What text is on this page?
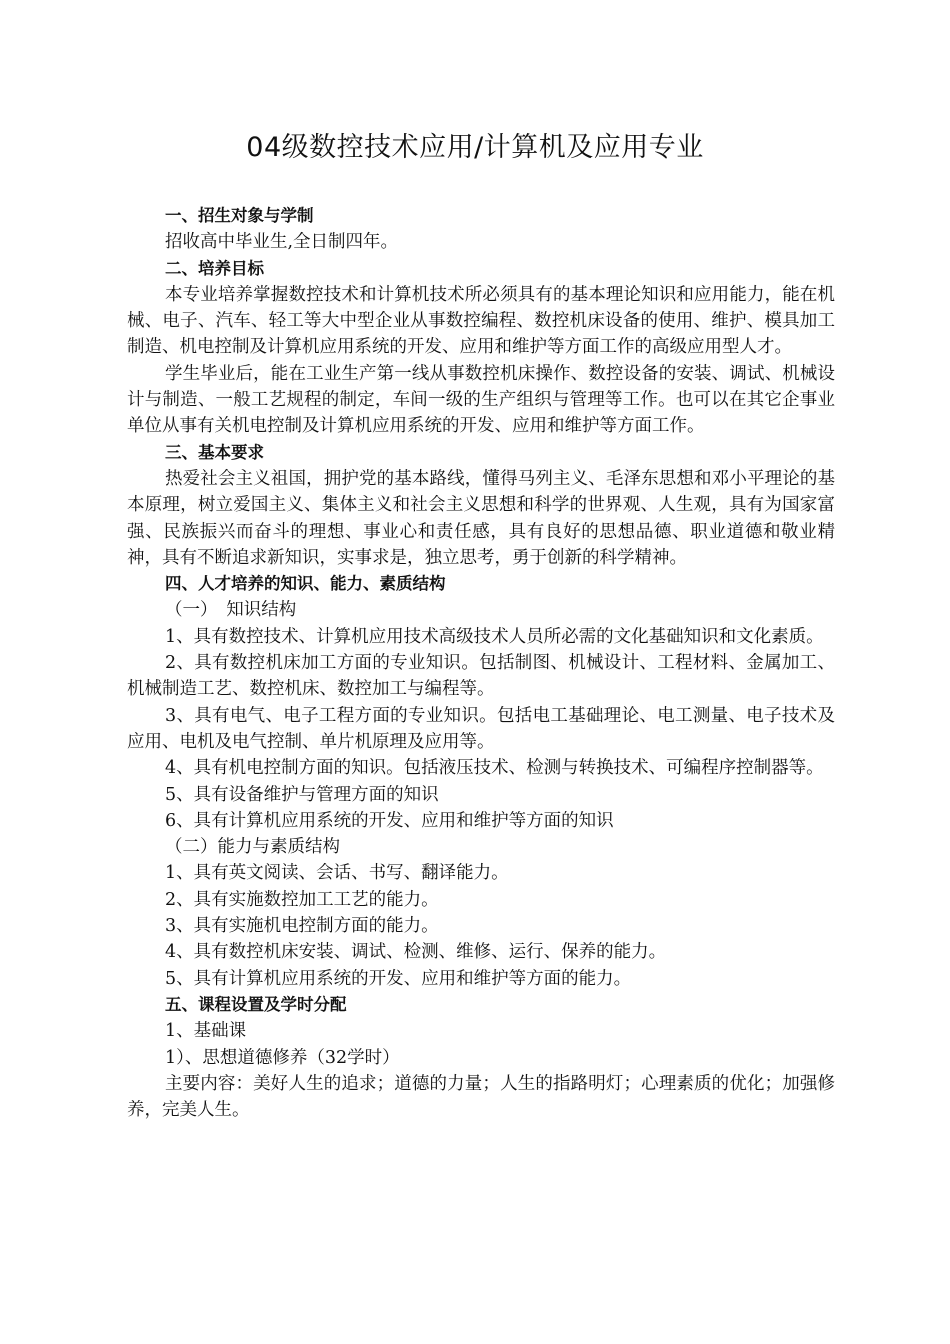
04级数控技术应用/计算机及应用专业

一、招生对象与学制

招收高中毕业生,全日制四年。

二、培养目标

本专业培养掌握数控技术和计算机技术所必须具有的基本理论知识和应用能力，能在机械、电子、汽车、轻工等大中型企业从事数控编程、数控机床设备的使用、维护、模具加工制造、机电控制及计算机应用系统的开发、应用和维护等方面工作的高级应用型人才。

学生毕业后，能在工业生产第一线从事数控机床操作、数控设备的安装、调试、机械设计与制造、一般工艺规程的制定，车间一级的生产组织与管理等工作。也可以在其它企事业单位从事有关机电控制及计算机应用系统的开发、应用和维护等方面工作。

三、基本要求

热爱社会主义祖国，拥护党的基本路线，懂得马列主义、毛泽东思想和邓小平理论的基本原理，树立爱国主义、集体主义和社会主义思想和科学的世界观、人生观，具有为国家富强、民族振兴而奋斗的理想、事业心和责任感，具有良好的思想品德、职业道德和敬业精神，具有不断追求新知识，实事求是，独立思考，勇于创新的科学精神。

四、人才培养的知识、能力、素质结构

（一）　知识结构

1、具有数控技术、计算机应用技术高级技术人员所必需的文化基础知识和文化素质。

2、具有数控机床加工方面的专业知识。包括制图、机械设计、工程材料、金属加工、机械制造工艺、数控机床、数控加工与编程等。

3、具有电气、电子工程方面的专业知识。包括电工基础理论、电工测量、电子技术及应用、电机及电气控制、单片机原理及应用等。

4、具有机电控制方面的知识。包括液压技术、检测与转换技术、可编程序控制器等。

5、具有设备维护与管理方面的知识

6、具有计算机应用系统的开发、应用和维护等方面的知识

（二）能力与素质结构

1、具有英文阅读、会话、书写、翻译能力。

2、具有实施数控加工工艺的能力。

3、具有实施机电控制方面的能力。

4、具有数控机床安装、调试、检测、维修、运行、保养的能力。

5、具有计算机应用系统的开发、应用和维护等方面的能力。

五、课程设置及学时分配

1、基础课

1）、思想道德修养（32学时）

主要内容：美好人生的追求；道德的力量；人生的指路明灯；心理素质的优化；加强修养，完美人生。
